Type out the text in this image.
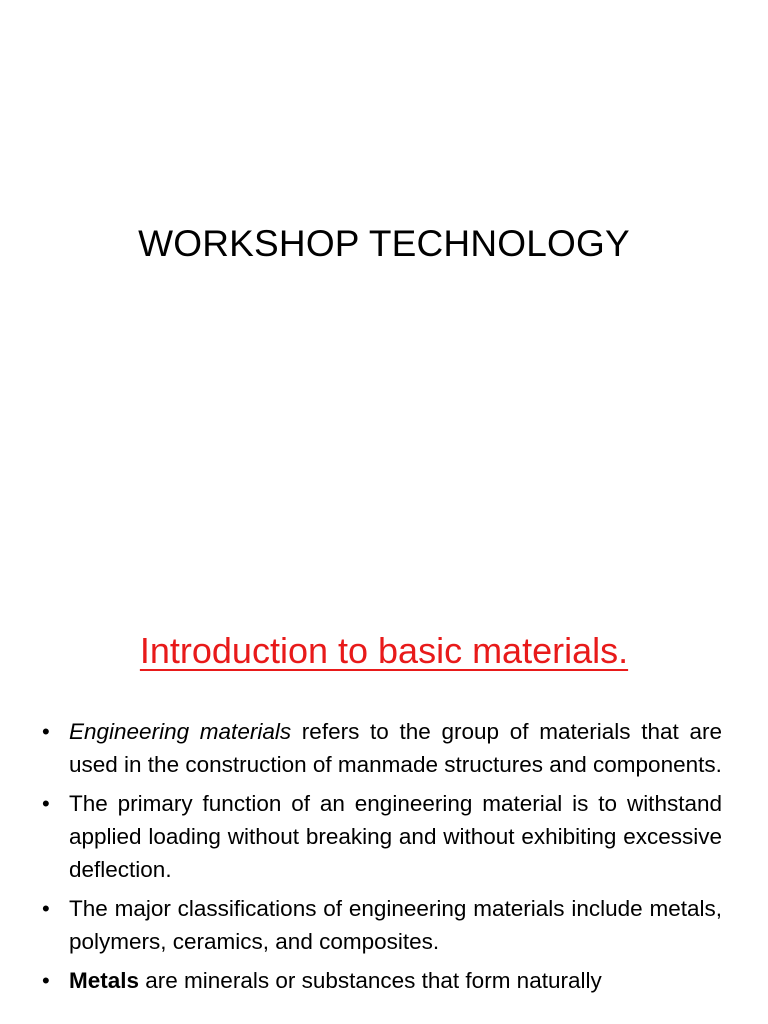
WORKSHOP TECHNOLOGY
Introduction to basic materials.
• Engineering materials refers to the group of materials that are used in the construction of manmade structures and components.
• The primary function of an engineering material is to withstand applied loading without breaking and without exhibiting excessive deflection.
• The major classifications of engineering materials include metals, polymers, ceramics, and composites.
• Metals are minerals or substances that form naturally
